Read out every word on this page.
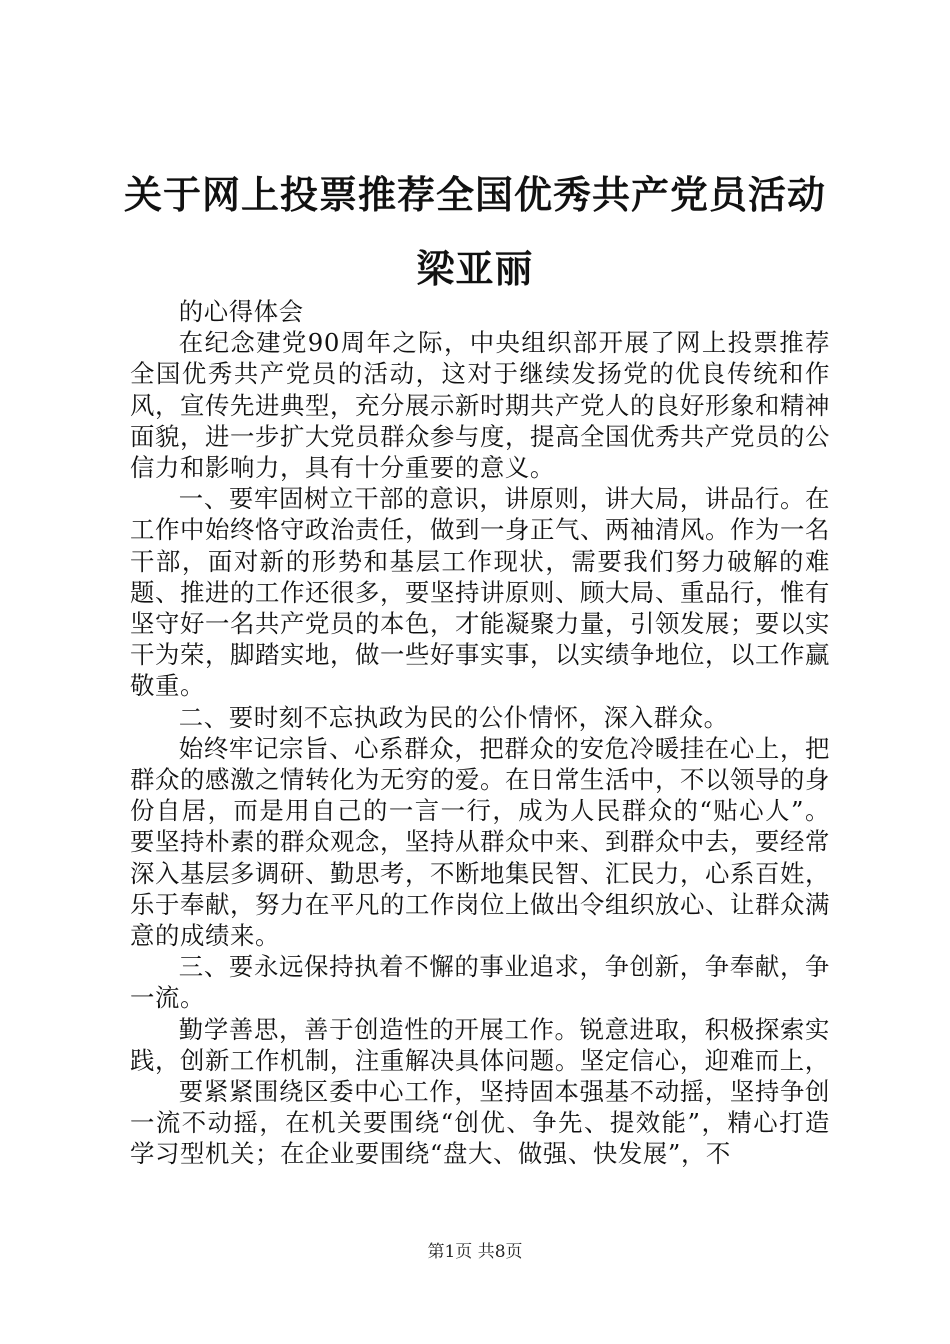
关于网上投票推荐全国优秀共产党员活动梁亚丽

的心得体会

在纪念建党90周年之际，中央组织部开展了网上投票推荐全国优秀共产党员的活动，这对于继续发扬党的优良传统和作风，宣传先进典型，充分展示新时期共产党人的良好形象和精神面貌，进一步扩大党员群众参与度，提高全国优秀共产党员的公信力和影响力，具有十分重要的意义。

一、要牢固树立干部的意识，讲原则，讲大局，讲品行。在工作中始终恪守政治责任，做到一身正气、两袖清风。作为一名干部，面对新的形势和基层工作现状，需要我们努力破解的难题、推进的工作还很多，要坚持讲原则、顾大局、重品行，惟有坚守好一名共产党员的本色，才能凝聚力量，引领发展；要以实干为荣，脚踏实地，做一些好事实事，以实绩争地位，以工作赢敬重。

二、要时刻不忘执政为民的公仆情怀，深入群众。

始终牢记宗旨、心系群众，把群众的安危冷暖挂在心上，把群众的感激之情转化为无穷的爱。在日常生活中，不以领导的身份自居，而是用自己的一言一行，成为人民群众的“贴心人”。要坚持朴素的群众观念，坚持从群众中来、到群众中去，要经常深入基层多调研、勤思考，不断地集民智、汇民力，心系百姓，乐于奉献，努力在平凡的工作岗位上做出令组织放心、让群众满意的成绩来。

三、要永远保持执着不懈的事业追求，争创新，争奉献，争一流。

勤学善思，善于创造性的开展工作。锐意进取，积极探索实践，创新工作机制，注重解决具体问题。坚定信心，迎难而上，

要紧紧围绕区委中心工作，坚持固本强基不动摇，坚持争创一流不动摇，在机关要围绕“创优、争先、提效能”，精心打造学习型机关；在企业要围绕“盘大、做强、快发展”，不

第1页 共8页
